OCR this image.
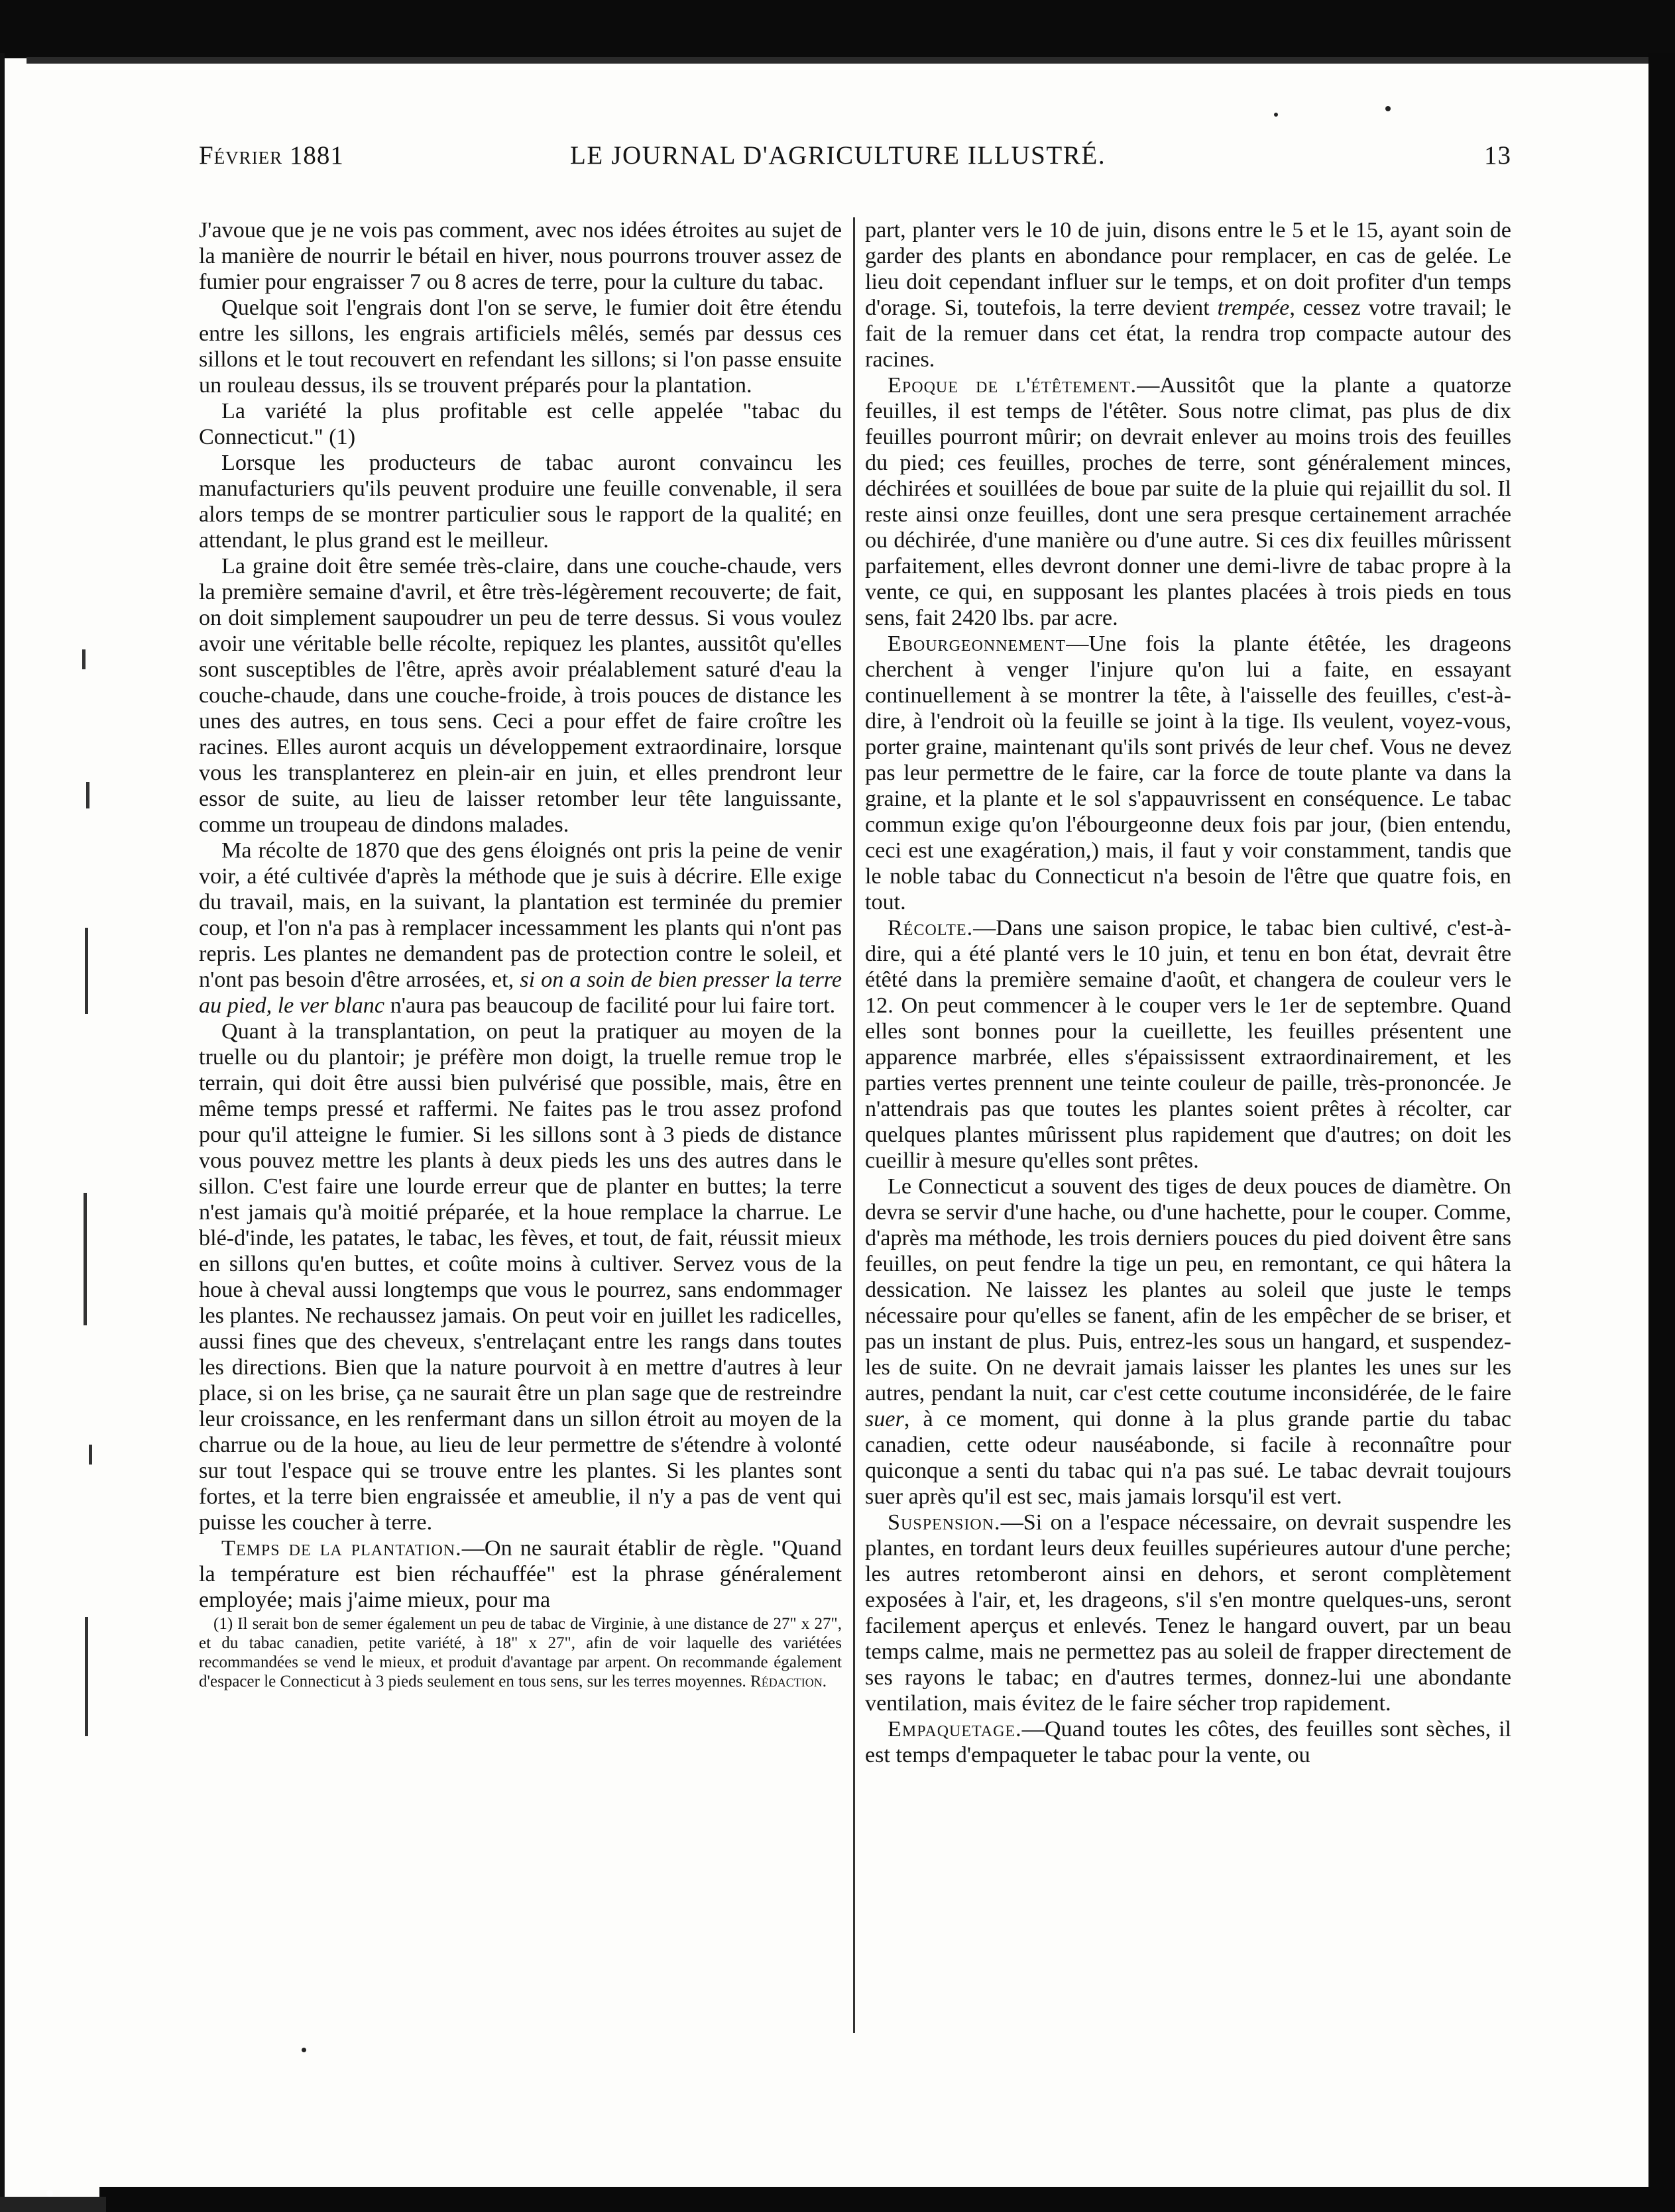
Février 1881	LE JOURNAL D'AGRICULTURE ILLUSTRÉ.	13

J'avoue que je ne vois pas comment, avec nos idées étroites au sujet de la manière de nourrir le bétail en hiver, nous pourrons trouver assez de fumier pour engraisser 7 ou 8 acres de terre, pour la culture du tabac.

Quelque soit l'engrais dont l'on se serve, le fumier doit être étendu entre les sillons, les engrais artificiels mêlés, semés par dessus ces sillons et le tout recouvert en refendant les sillons; si l'on passe ensuite un rouleau dessus, ils se trouvent préparés pour la plantation.

La variété la plus profitable est celle appelée "tabac du Connecticut." (1)

Lorsque les producteurs de tabac auront convaincu les manufacturiers qu'ils peuvent produire une feuille convenable, il sera alors temps de se montrer particulier sous le rapport de la qualité; en attendant, le plus grand est le meilleur.

La graine doit être semée très-claire, dans une couche-chaude, vers la première semaine d'avril, et être très-légèrement recouverte; de fait, on doit simplement saupoudrer un peu de terre dessus. Si vous voulez avoir une véritable belle récolte, repiquez les plantes, aussitôt qu'elles sont susceptibles de l'être, après avoir préalablement saturé d'eau la couche-chaude, dans une couche-froide, à trois pouces de distance les unes des autres, en tous sens. Ceci a pour effet de faire croître les racines. Elles auront acquis un développement extraordinaire, lorsque vous les transplanterez en plein-air en juin, et elles prendront leur essor de suite, au lieu de laisser retomber leur tête languissante, comme un troupeau de dindons malades.

Ma récolte de 1870 que des gens éloignés ont pris la peine de venir voir, a été cultivée d'après la méthode que je suis à décrire. Elle exige du travail, mais, en la suivant, la plantation est terminée du premier coup, et l'on n'a pas à remplacer incessamment les plants qui n'ont pas repris. Les plantes ne demandent pas de protection contre le soleil, et n'ont pas besoin d'être arrosées, et, si on a soin de bien presser la terre au pied, le ver blanc n'aura pas beaucoup de facilité pour lui faire tort.

Quant à la transplantation, on peut la pratiquer au moyen de la truelle ou du plantoir; je préfère mon doigt, la truelle remue trop le terrain, qui doit être aussi bien pulvérisé que possible, mais, être en même temps pressé et raffermi. Ne faites pas le trou assez profond pour qu'il atteigne le fumier. Si les sillons sont à 3 pieds de distance vous pouvez mettre les plants à deux pieds les uns des autres dans le sillon. C'est faire une lourde erreur que de planter en buttes; la terre n'est jamais qu'à moitié préparée, et la houe remplace la charrue. Le blé-d'inde, les patates, le tabac, les fèves, et tout, de fait, réussit mieux en sillons qu'en buttes, et coûte moins à cultiver. Servez vous de la houe à cheval aussi longtemps que vous le pourrez, sans endommager les plantes. Ne rechaussez jamais. On peut voir en juillet les radicelles, aussi fines que des cheveux, s'entrelaçant entre les rangs dans toutes les directions. Bien que la nature pourvoit à en mettre d'autres à leur place, si on les brise, ça ne saurait être un plan sage que de restreindre leur croissance, en les renfermant dans un sillon étroit au moyen de la charrue ou de la houe, au lieu de leur permettre de s'étendre à volonté sur tout l'espace qui se trouve entre les plantes. Si les plantes sont fortes, et la terre bien engraissée et ameublie, il n'y a pas de vent qui puisse les coucher à terre.

Temps de la plantation.—On ne saurait établir de règle. "Quand la température est bien réchauffée" est la phrase généralement employée; mais j'aime mieux, pour ma

(1) Il serait bon de semer également un peu de tabac de Virginie, à une distance de 27" x 27", et du tabac canadien, petite variété, à 18" x 27", afin de voir laquelle des variétées recommandées se vend le mieux, et produit d'avantage par arpent. On recommande également d'espacer le Connecticut à 3 pieds seulement en tous sens, sur les terres moyennes. Rédaction.

part, planter vers le 10 de juin, disons entre le 5 et le 15, ayant soin de garder des plants en abondance pour remplacer, en cas de gelée. Le lieu doit cependant influer sur le temps, et on doit profiter d'un temps d'orage. Si, toutefois, la terre devient trempée, cessez votre travail; le fait de la remuer dans cet état, la rendra trop compacte autour des racines.

Epoque de l'étêtement.—Aussitôt que la plante a quatorze feuilles, il est temps de l'étêter. Sous notre climat, pas plus de dix feuilles pourront mûrir; on devrait enlever au moins trois des feuilles du pied; ces feuilles, proches de terre, sont généralement minces, déchirées et souillées de boue par suite de la pluie qui rejaillit du sol. Il reste ainsi onze feuilles, dont une sera presque certainement arrachée ou déchirée, d'une manière ou d'une autre. Si ces dix feuilles mûrissent parfaitement, elles devront donner une demi-livre de tabac propre à la vente, ce qui, en supposant les plantes placées à trois pieds en tous sens, fait 2420 lbs. par acre.

Ebourgeonnement—Une fois la plante étêtée, les drageons cherchent à venger l'injure qu'on lui a faite, en essayant continuellement à se montrer la tête, à l'aisselle des feuilles, c'est-à-dire, à l'endroit où la feuille se joint à la tige. Ils veulent, voyez-vous, porter graine, maintenant qu'ils sont privés de leur chef. Vous ne devez pas leur permettre de le faire, car la force de toute plante va dans la graine, et la plante et le sol s'appauvrissent en conséquence. Le tabac commun exige qu'on l'ébourgeonne deux fois par jour, (bien entendu, ceci est une exagération,) mais, il faut y voir constamment, tandis que le noble tabac du Connecticut n'a besoin de l'être que quatre fois, en tout.

Récolte.—Dans une saison propice, le tabac bien cultivé, c'est-à-dire, qui a été planté vers le 10 juin, et tenu en bon état, devrait être étêté dans la première semaine d'août, et changera de couleur vers le 12. On peut commencer à le couper vers le 1er de septembre. Quand elles sont bonnes pour la cueillette, les feuilles présentent une apparence marbrée, elles s'épaississent extraordinairement, et les parties vertes prennent une teinte couleur de paille, très-prononcée. Je n'attendrais pas que toutes les plantes soient prêtes à récolter, car quelques plantes mûrissent plus rapidement que d'autres; on doit les cueillir à mesure qu'elles sont prêtes.

Le Connecticut a souvent des tiges de deux pouces de diamètre. On devra se servir d'une hache, ou d'une hachette, pour le couper. Comme, d'après ma méthode, les trois derniers pouces du pied doivent être sans feuilles, on peut fendre la tige un peu, en remontant, ce qui hâtera la dessication. Ne laissez les plantes au soleil que juste le temps nécessaire pour qu'elles se fanent, afin de les empêcher de se briser, et pas un instant de plus. Puis, entrez-les sous un hangard, et suspendez-les de suite. On ne devrait jamais laisser les plantes les unes sur les autres, pendant la nuit, car c'est cette coutume inconsidérée, de le faire suer, à ce moment, qui donne à la plus grande partie du tabac canadien, cette odeur nauséabonde, si facile à reconnaître pour quiconque a senti du tabac qui n'a pas sué. Le tabac devrait toujours suer après qu'il est sec, mais jamais lorsqu'il est vert.

Suspension.—Si on a l'espace nécessaire, on devrait suspendre les plantes, en tordant leurs deux feuilles supérieures autour d'une perche; les autres retomberont ainsi en dehors, et seront complètement exposées à l'air, et, les drageons, s'il s'en montre quelques-uns, seront facilement aperçus et enlevés. Tenez le hangard ouvert, par un beau temps calme, mais ne permettez pas au soleil de frapper directement de ses rayons le tabac; en d'autres termes, donnez-lui une abondante ventilation, mais évitez de le faire sécher trop rapidement.

Empaquetage.—Quand toutes les côtes, des feuilles sont sèches, il est temps d'empaqueter le tabac pour la vente, ou
